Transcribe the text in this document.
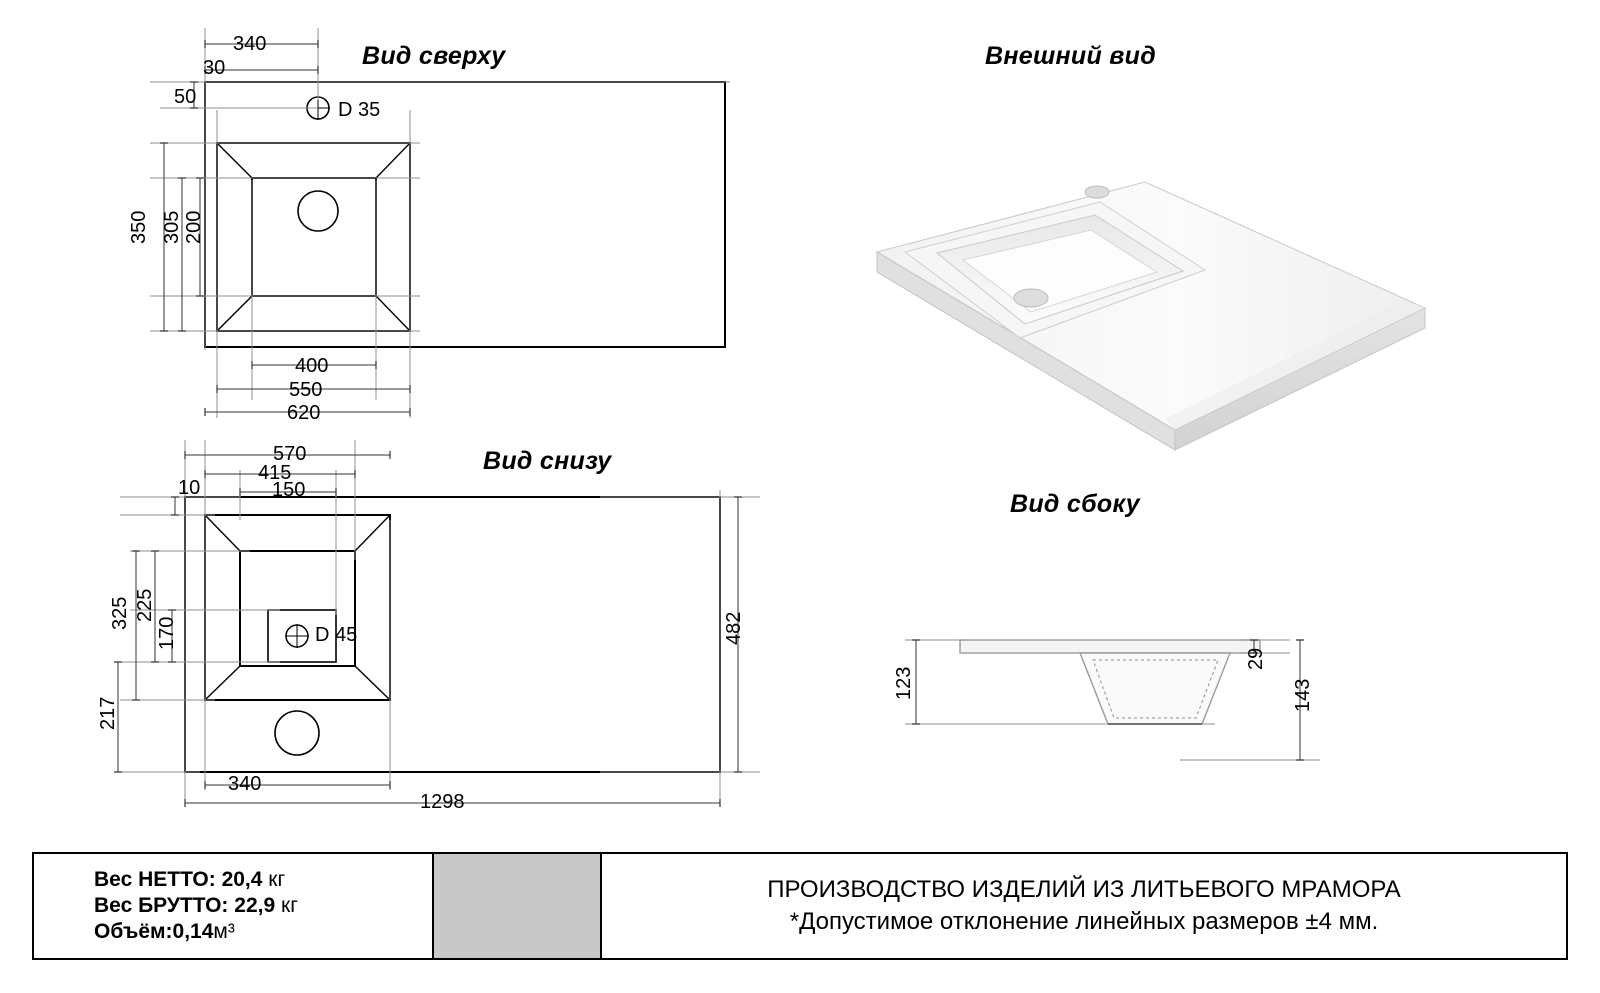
Вид сверху
Вид снизу
Внешний вид
Вид сбоку
340
30
50
D 35
350 305 200
400
550
620
570
415
150
10
325 225
170
217
D 45	482
340
1298
123
29
143
Вес НЕТТО: 20,4 кг
Вес БРУТТО: 22,9 кг
Объём:0,14м³
ПРОИЗВОДСТВО ИЗДЕЛИЙ ИЗ ЛИТЬЕВОГО МРАМОРА
*Допустимое отклонение линейных размеров ±4 мм.
